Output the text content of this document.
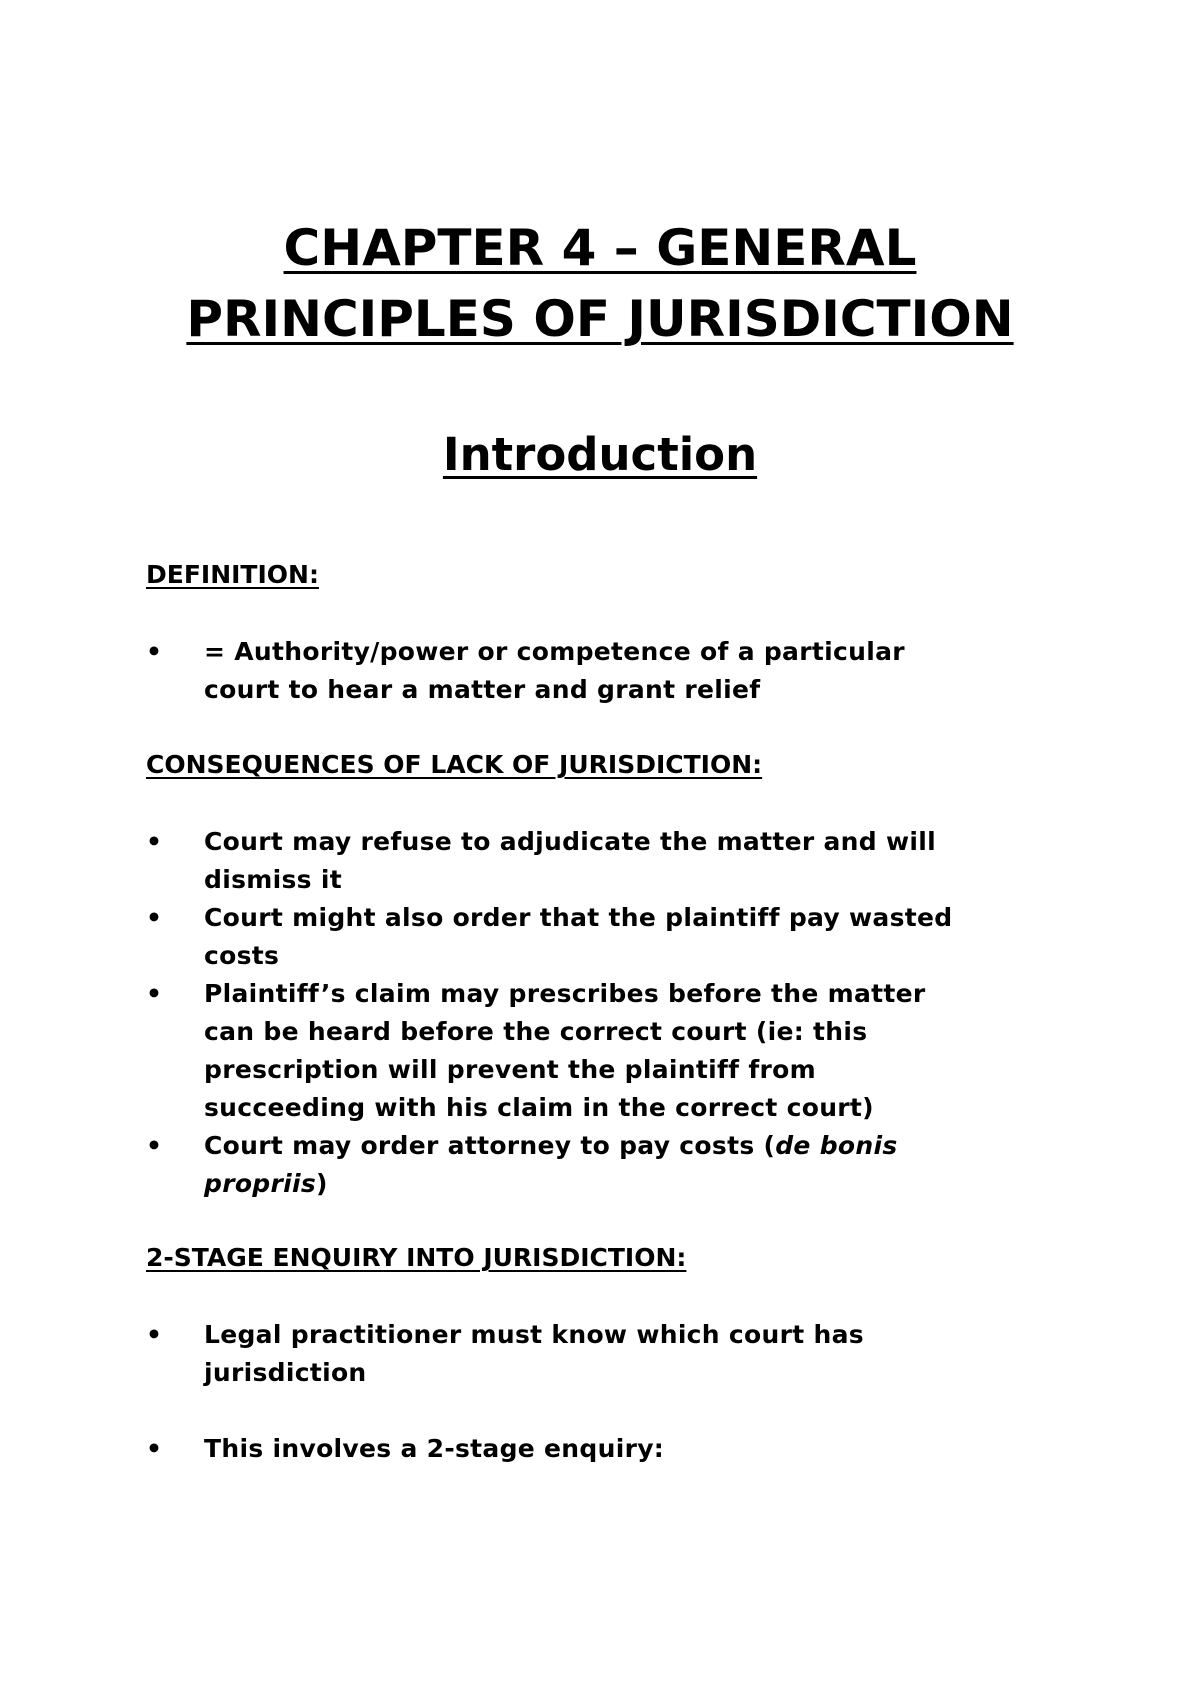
CHAPTER 4 – GENERAL
PRINCIPLES OF JURISDICTION
Introduction
DEFINITION:
• = Authority/power or competence of a particular
court to hear a matter and grant relief
CONSEQUENCES OF LACK OF JURISDICTION:
• Court may refuse to adjudicate the matter and will
dismiss it
• Court might also order that the plaintiff pay wasted
costs
• Plaintiff’s claim may prescribes before the matter
can be heard before the correct court (ie: this
prescription will prevent the plaintiff from
succeeding with his claim in the correct court)
• Court may order attorney to pay costs (de bonis
propriis)
2-STAGE ENQUIRY INTO JURISDICTION:
• Legal practitioner must know which court has
jurisdiction
• This involves a 2-stage enquiry:
